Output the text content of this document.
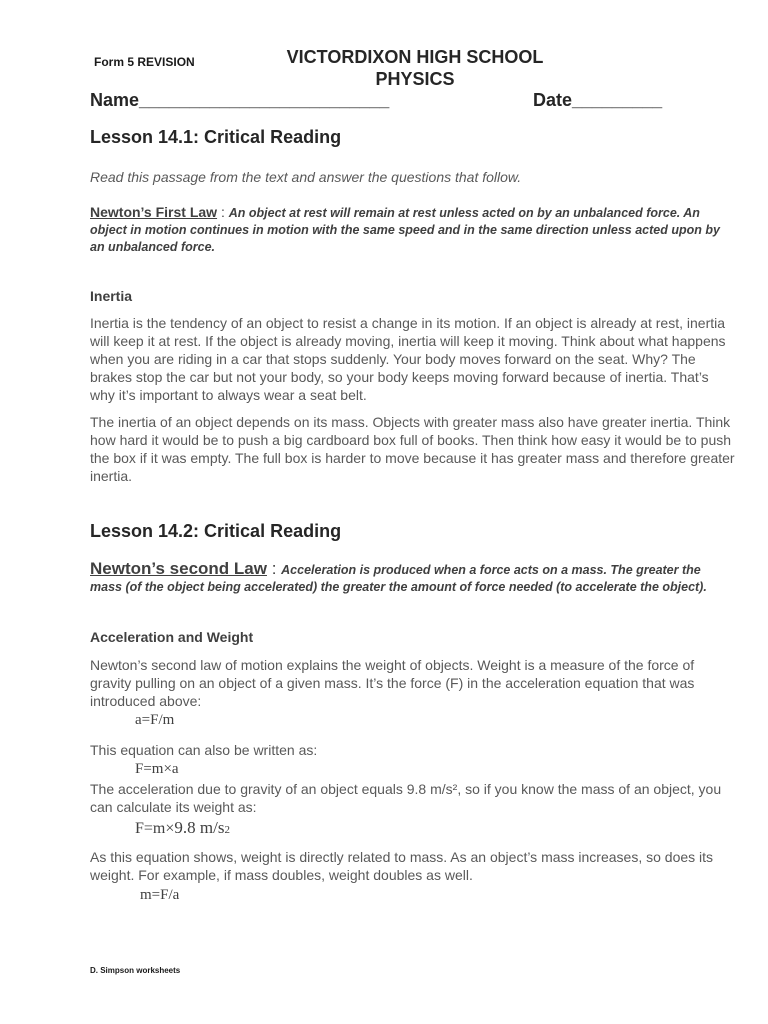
Form 5 REVISION	VICTORDIXON HIGH SCHOOL
PHYSICS
Name_________________________	Date_________
Lesson 14.1: Critical Reading
Read this passage from the text and answer the questions that follow.
Newton’s First Law : An object at rest will remain at rest unless acted on by an unbalanced force. An object in motion continues in motion with the same speed and in the same direction unless acted upon by an unbalanced force.
Inertia
Inertia is the tendency of an object to resist a change in its motion. If an object is already at rest, inertia will keep it at rest. If the object is already moving, inertia will keep it moving. Think about what happens when you are riding in a car that stops suddenly. Your body moves forward on the seat. Why? The brakes stop the car but not your body, so your body keeps moving forward because of inertia. That’s why it’s important to always wear a seat belt.
The inertia of an object depends on its mass. Objects with greater mass also have greater inertia. Think how hard it would be to push a big cardboard box full of books. Then think how easy it would be to push the box if it was empty. The full box is harder to move because it has greater mass and therefore greater inertia.
Lesson 14.2: Critical Reading
Newton’s second Law : Acceleration is produced when a force acts on a mass. The greater the mass (of the object being accelerated) the greater the amount of force needed (to accelerate the object).
Acceleration and Weight
Newton’s second law of motion explains the weight of objects. Weight is a measure of the force of gravity pulling on an object of a given mass. It’s the force (F) in the acceleration equation that was introduced above:
a=F/m
This equation can also be written as:
F=m×a
The acceleration due to gravity of an object equals 9.8 m/s², so if you know the mass of an object, you can calculate its weight as:
F=m×9.8 m/s2
As this equation shows, weight is directly related to mass. As an object’s mass increases, so does its weight. For example, if mass doubles, weight doubles as well.
m=F/a
D. Simpson worksheets
